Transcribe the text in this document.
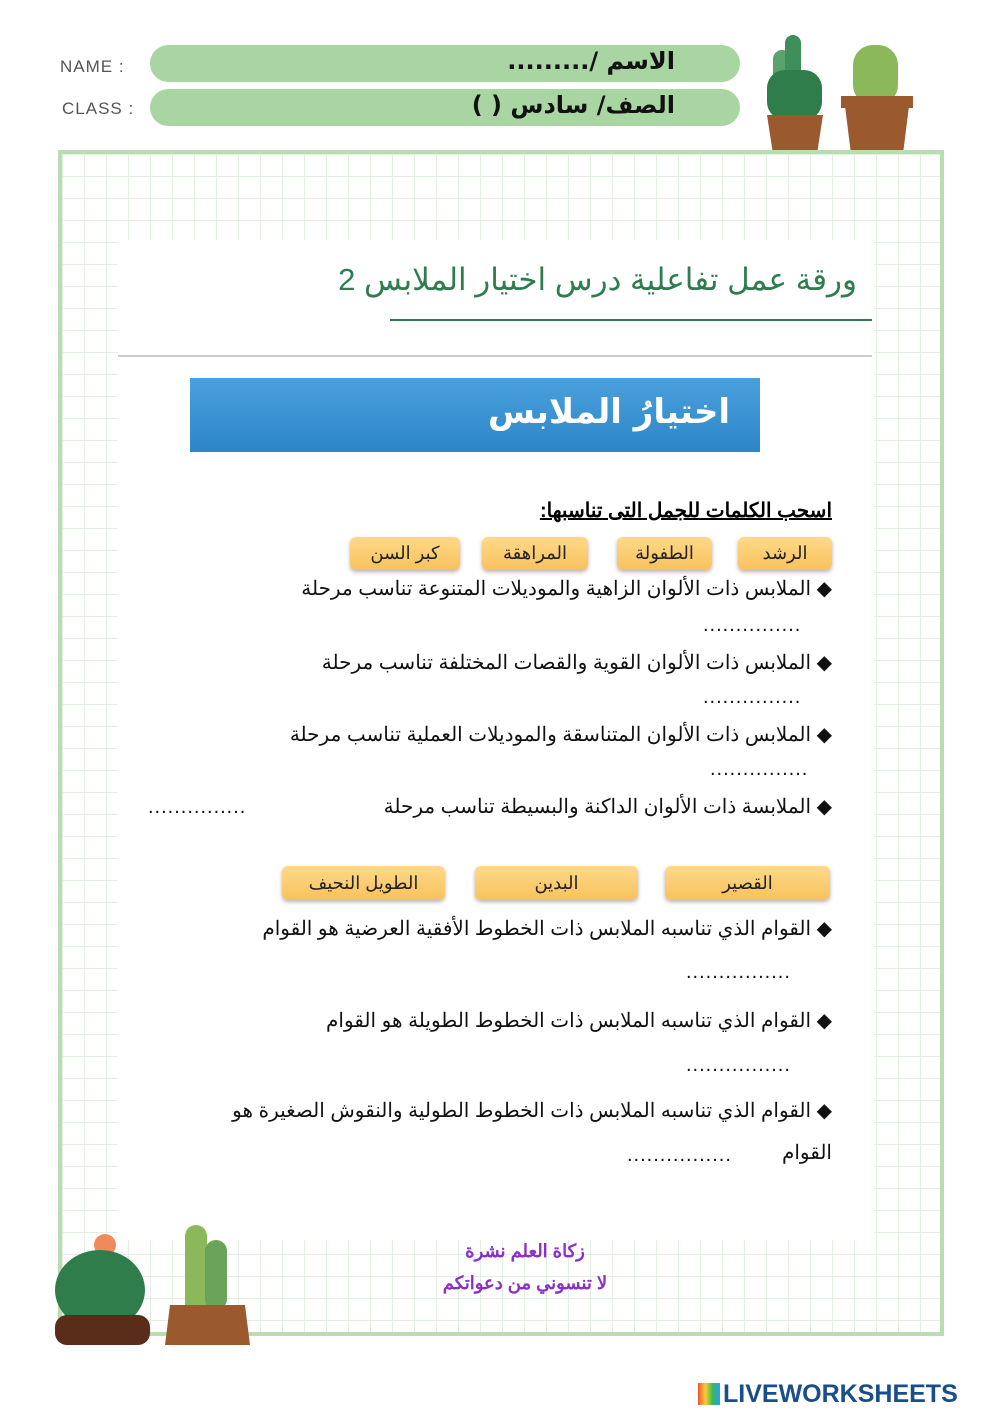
NAME :
CLASS :
الاسم /.........
الصف/ سادس ( )
ورقة عمل تفاعلية درس اختيار الملابس 2
اختيارُ الملابس
اسحب الكلمات للجمل التى تناسبها:
الرشد
الطفولة
المراهقة
كبر السن
◆ الملابس ذات الألوان الزاهية والموديلات المتنوعة تناسب مرحلة
...............
◆ الملابس ذات الألوان القوية والقصات المختلفة تناسب مرحلة
...............
◆ الملابس ذات الألوان المتناسقة والموديلات العملية تناسب مرحلة
...............
◆ الملابسة ذات الألوان الداكنة والبسيطة تناسب مرحلة
...............
القصير
البدين
الطويل النحيف
◆ القوام الذي تناسبه الملابس ذات الخطوط الأفقية العرضية هو القوام
................
◆ القوام الذي تناسبه الملابس ذات الخطوط الطويلة هو القوام
................
◆ القوام الذي تناسبه الملابس ذات الخطوط الطولية والنقوش الصغيرة هو
القوام
................
زكاة العلم نشرة
لا تنسوني من دعواتكم
LIVEWORKSHEETS
